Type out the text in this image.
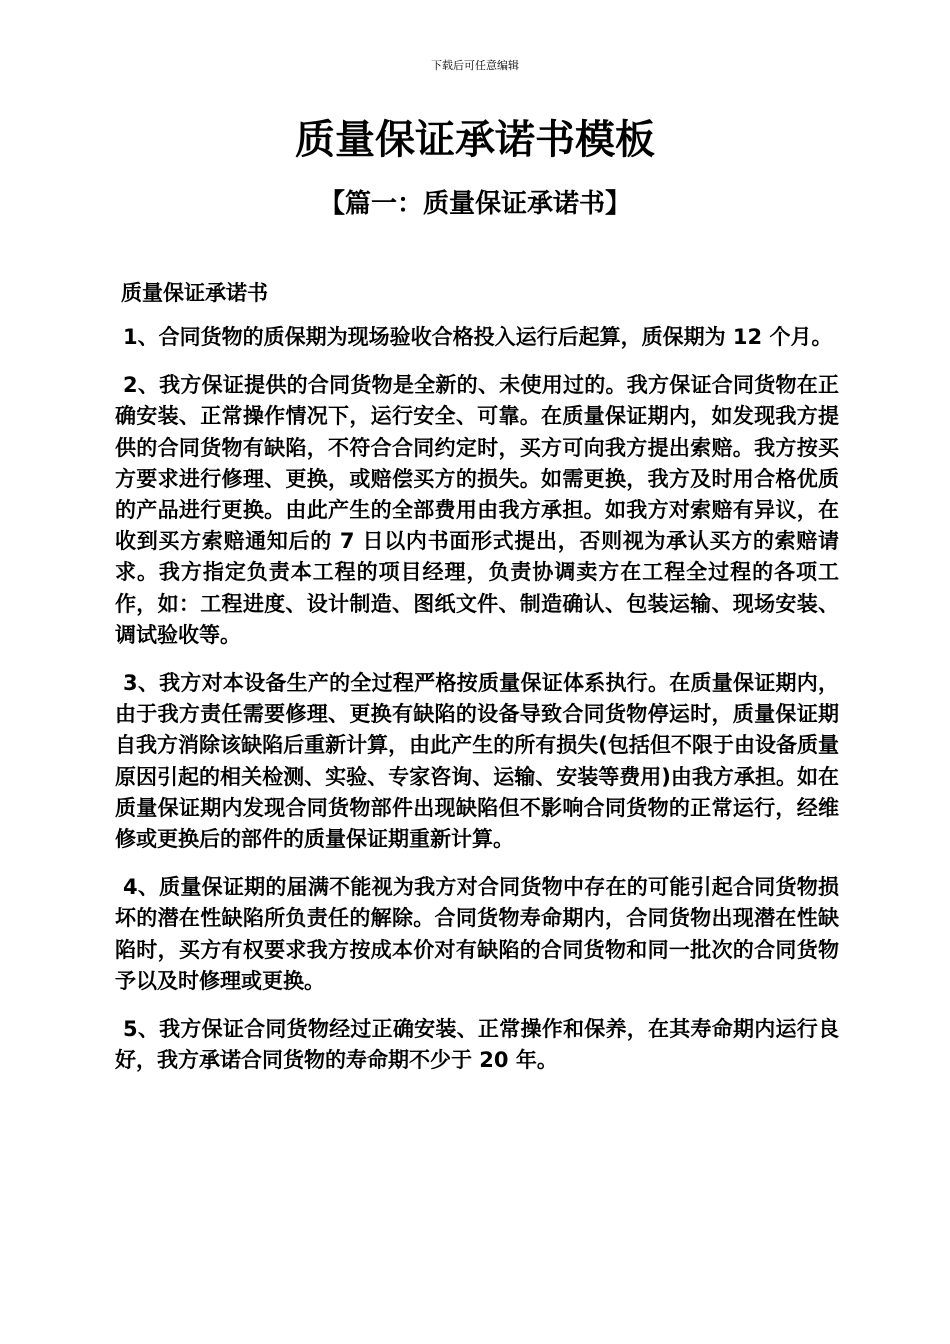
下载后可任意编辑
质量保证承诺书模板
【篇一：质量保证承诺书】
质量保证承诺书

1、合同货物的质保期为现场验收合格投入运行后起算，质保期为 12 个月。

2、我方保证提供的合同货物是全新的、未使用过的。我方保证合同货物在正确安装、正常操作情况下，运行安全、可靠。在质量保证期内，如发现我方提供的合同货物有缺陷，不符合合同约定时，买方可向我方提出索赔。我方按买方要求进行修理、更换，或赔偿买方的损失。如需更换，我方及时用合格优质的产品进行更换。由此产生的全部费用由我方承担。如我方对索赔有异议，在收到买方索赔通知后的 7 日以内书面形式提出，否则视为承认买方的索赔请求。我方指定负责本工程的项目经理，负责协调卖方在工程全过程的各项工作，如：工程进度、设计制造、图纸文件、制造确认、包装运输、现场安装、调试验收等。

3、我方对本设备生产的全过程严格按质量保证体系执行。在质量保证期内，由于我方责任需要修理、更换有缺陷的设备导致合同货物停运时，质量保证期自我方消除该缺陷后重新计算，由此产生的所有损失(包括但不限于由设备质量原因引起的相关检测、实验、专家咨询、运输、安装等费用)由我方承担。如在质量保证期内发现合同货物部件出现缺陷但不影响合同货物的正常运行，经维修或更换后的部件的质量保证期重新计算。

4、质量保证期的届满不能视为我方对合同货物中存在的可能引起合同货物损坏的潜在性缺陷所负责任的解除。合同货物寿命期内，合同货物出现潜在性缺陷时，买方有权要求我方按成本价对有缺陷的合同货物和同一批次的合同货物予以及时修理或更换。

5、我方保证合同货物经过正确安装、正常操作和保养，在其寿命期内运行良好，我方承诺合同货物的寿命期不少于 20 年。
